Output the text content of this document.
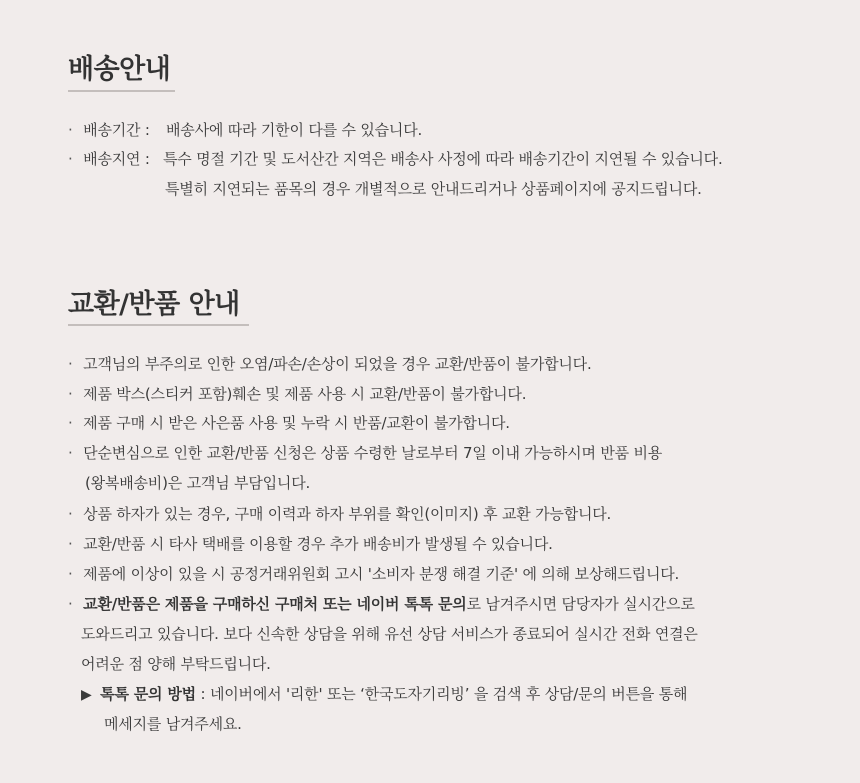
배송안내
· 배송기간 : 배송사에 따라 기한이 다를 수 있습니다.
· 배송지연 : 특수 명절 기간 및 도서산간 지역은 배송사 사정에 따라 배송기간이 지연될 수 있습니다.
특별히 지연되는 품목의 경우 개별적으로 안내드리거나 상품페이지에 공지드립니다.
교환/반품 안내
· 고객님의 부주의로 인한 오염/파손/손상이 되었을 경우 교환/반품이 불가합니다.
· 제품 박스(스티커 포함)훼손 및 제품 사용 시 교환/반품이 불가합니다.
· 제품 구매 시 받은 사은품 사용 및 누락 시 반품/교환이 불가합니다.
· 단순변심으로 인한 교환/반품 신청은 상품 수령한 날로부터 7일 이내 가능하시며 반품 비용
(왕복배송비)은 고객님 부담입니다.
· 상품 하자가 있는 경우, 구매 이력과 하자 부위를 확인(이미지) 후 교환 가능합니다.
· 교환/반품 시 타사 택배를 이용할 경우 추가 배송비가 발생될 수 있습니다.
· 제품에 이상이 있을 시 공정거래위원회 고시 '소비자 분쟁 해결 기준' 에 의해 보상해드립니다.
· 교환/반품은 제품을 구매하신 구매처 또는 네이버 톡톡 문의로 남겨주시면 담당자가 실시간으로
도와드리고 있습니다. 보다 신속한 상담을 위해 유선 상담 서비스가 종료되어 실시간 전화 연결은
어려운 점 양해 부탁드립니다.
▶ 톡톡 문의 방법 : 네이버에서 '리한' 또는 ‘한국도자기리빙’ 을 검색 후 상담/문의 버튼을 통해
메세지를 남겨주세요.
